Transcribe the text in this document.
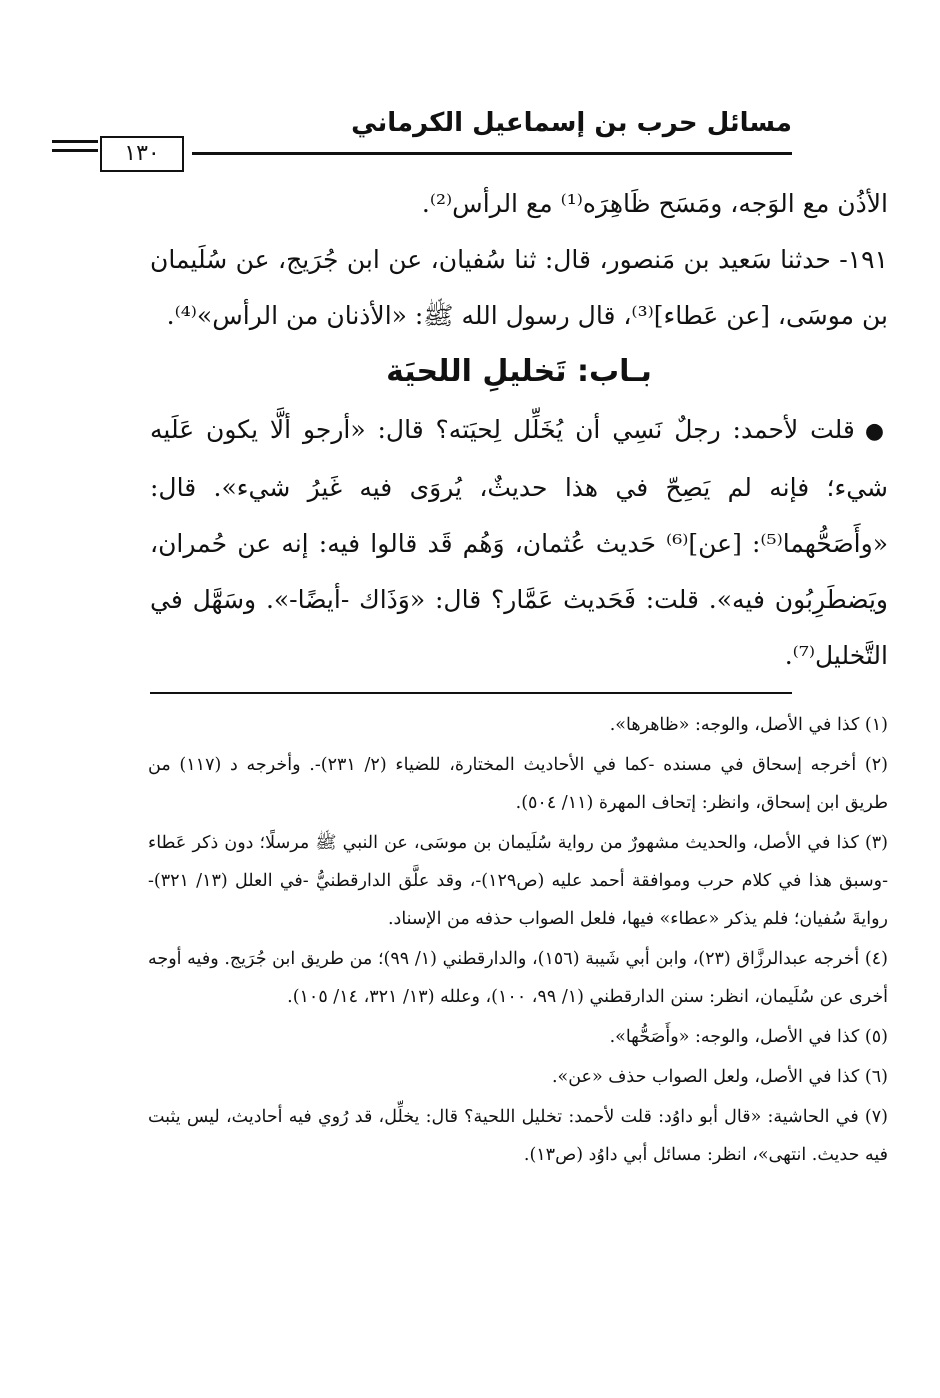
مسائل حرب بن إسماعيل الكرماني
١٣٠

الأذُن مع الوَجه، ومَسَح ظَاهِرَه⁽¹⁾ مع الرأس⁽²⁾.

١٩١- حدثنا سَعيد بن مَنصور، قال: ثنا سُفيان، عن ابن جُرَيج، عن سُلَيمان بن موسَى، [عن عَطاء]⁽³⁾، قال رسول الله ﷺ: «الأذنان من الرأس»⁽⁴⁾.

بـاب: تَخليلِ اللحيَة

●قلت لأحمد: رجلٌ نَسِي أن يُخَلِّل لِحيَته؟ قال: «أرجو ألَّا يكون عَلَيه شيء؛ فإنه لم يَصِحّ في هذا حديثٌ، يُروَى فيه غَيرُ شيء». قال: «وأَصَحُّهما⁽⁵⁾: [عن]⁽⁶⁾ حَديث عُثمان، وَهُم قَد قالوا فيه: إنه عن حُمران، ويَضطَرِبُون فيه». قلت: فَحَديث عَمَّار؟ قال: «وَذَاك -أيضًا-». وسَهَّل في التَّخليل⁽⁷⁾.

(١) كذا في الأصل، والوجه: «ظاهرها».

(٢) أخرجه إسحاق في مسنده -كما في الأحاديث المختارة، للضياء (٢/ ٢٣١)-. وأخرجه د (١١٧) من طريق ابن إسحاق، وانظر: إتحاف المهرة (١١/ ٥٠٤).

(٣) كذا في الأصل، والحديث مشهورٌ من رواية سُلَيمان بن موسَى، عن النبي ﷺ مرسلًا؛ دون ذكر عَطاء -وسبق هذا في كلام حرب وموافقة أحمد عليه (ص١٢٩)-، وقد علَّق الدارقطنيُّ -في العلل (١٣/ ٣٢١)- روايةَ سُفيان؛ فلم يذكر «عطاء» فيها، فلعل الصواب حذفه من الإسناد.

(٤) أخرجه عبدالرزَّاق (٢٣)، وابن أبي شَيبة (١٥٦)، والدارقطني (١/ ٩٩)؛ من طريق ابن جُرَيج. وفيه أوجه أخرى عن سُلَيمان، انظر: سنن الدارقطني (١/ ٩٩، ١٠٠)، وعلله (١٣/ ٣٢١، ١٤/ ١٠٥).

(٥) كذا في الأصل، والوجه: «وأَصَحُّها».

(٦) كذا في الأصل، ولعل الصواب حذف «عن».

(٧) في الحاشية: «قال أبو داوُد: قلت لأحمد: تخليل اللحية؟ قال: يخلِّل، قد رُوي فيه أحاديث، ليس يثبت فيه حديث. انتهى»، انظر: مسائل أبي داوُد (ص١٣).
